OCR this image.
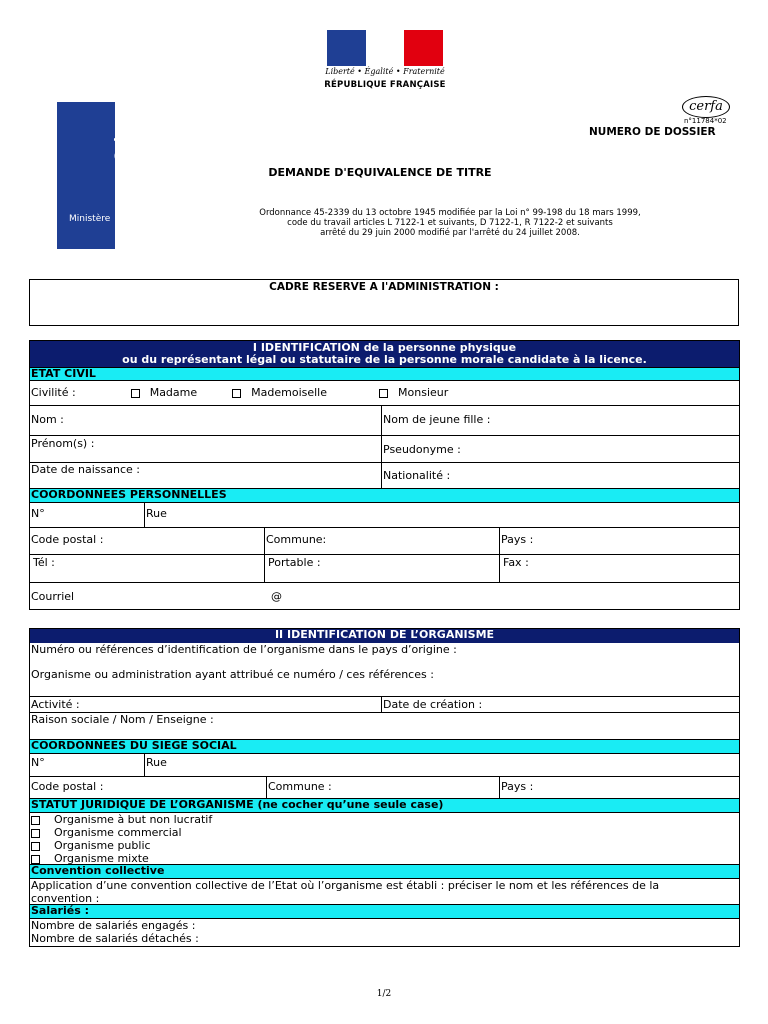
Liberté • Égalité • Fraternité
RÉPUBLIQUE FRANÇAISE
Culture Communication
Ministère
cerfa
n°11784*02
NUMERO DE DOSSIER
DEMANDE D'EQUIVALENCE DE TITRE
Ordonnance 45-2339 du 13 octobre 1945 modifiée par la Loi n° 99-198 du 18 mars 1999,
code du travail articles L 7122-1 et suivants, D 7122-1, R 7122-2 et suivants
arrêté du 29 juin 2000 modifié par l'arrêté du 24 juillet 2008.
CADRE RESERVE A l'ADMINISTRATION :
I IDENTIFICATION de la personne physique
ou du représentant légal ou statutaire de la personne morale candidate à la licence.
ETAT CIVIL
Civilité :	Madame	Mademoiselle	Monsieur
Nom :	Nom de jeune fille :
Prénom(s) :	Pseudonyme :
Date de naissance :	Nationalité :
COORDONNEES PERSONNELLES
N°	Rue
Code postal :	Commune:	Pays :
Tél :	Portable :	Fax :
Courriel	@
II IDENTIFICATION DE L’ORGANISME
Numéro ou références d’identification de l’organisme dans le pays d’origine :
Organisme ou administration ayant attribué ce numéro / ces références :
Activité :	Date de création :
Raison sociale / Nom / Enseigne :
COORDONNEES DU SIEGE SOCIAL
N°	Rue
Code postal :	Commune :	Pays :
STATUT JURIDIQUE DE L’ORGANISME (ne cocher qu’une seule case)
Organisme à but non lucratif
Organisme commercial
Organisme public
Organisme mixte
Convention collective
Application d’une convention collective de l’Etat où l’organisme est établi : préciser le nom et les références de la convention :
Salariés :
Nombre de salariés engagés :
Nombre de salariés détachés :
1/2
